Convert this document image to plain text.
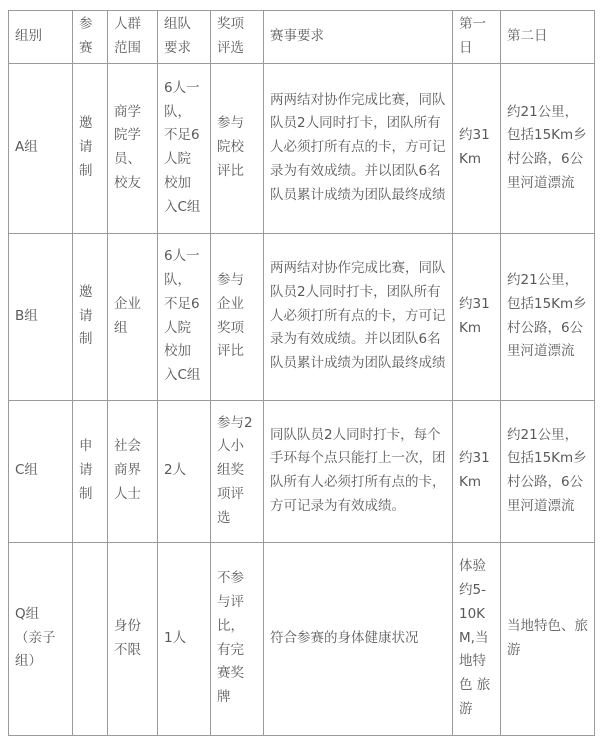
组别	参赛	人群范围	组队要求	奖项评选	赛事要求	第一日	第二日
A组	邀请制	商学院学员、校友	6人一队，不足6人院校加入C组	参与院校评比	两两结对协作完成比赛，同队队员2人同时打卡，团队所有人必须打所有点的卡，方可记录为有效成绩。并以团队6名队员累计成绩为团队最终成绩	约31Km	约21公里，包括15Km乡村公路，6公里河道漂流
B组	邀请制	企业组	6人一队，不足6人院校加入C组	参与企业奖项评比	两两结对协作完成比赛，同队队员2人同时打卡，团队所有人必须打所有点的卡，方可记录为有效成绩。并以团队6名队员累计成绩为团队最终成绩	约31Km	约21公里，包括15Km乡村公路，6公里河道漂流
C组	申请制	社会商界人士	2人	参与2人小组奖项评选	同队队员2人同时打卡，每个手环每个点只能打上一次，团队所有人必须打所有点的卡，方可记录为有效成绩。	约31Km	约21公里，包括15Km乡村公路，6公里河道漂流
Q组（亲子组）		身份不限	1人	不参与评比，有完赛奖牌	符合参赛的身体健康状况	体验约5-10KM,当地特色 旅游	当地特色、旅游
